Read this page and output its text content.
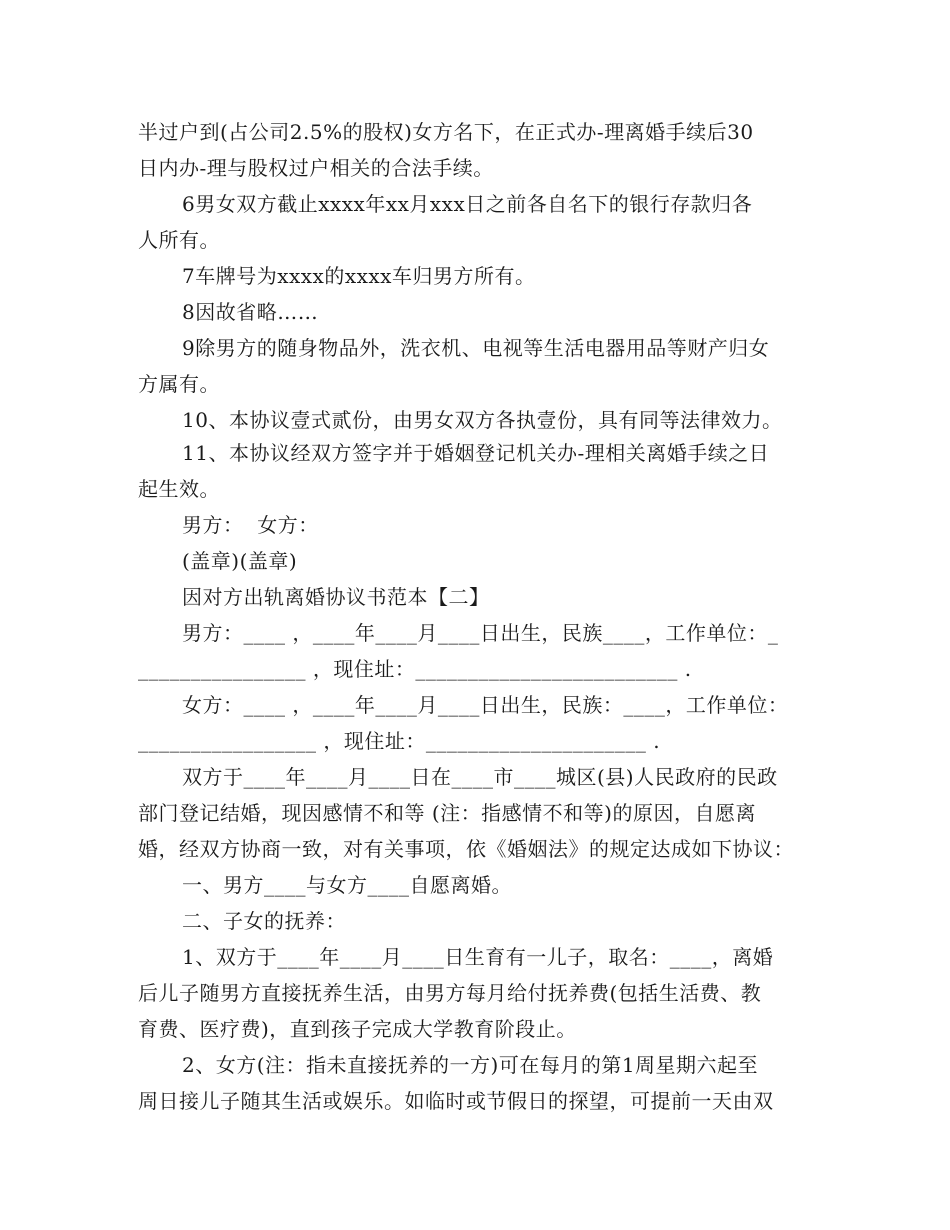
半过户到(占公司2.5%的股权)女方名下，在正式办-理离婚手续后30
日内办-理与股权过户相关的合法手续。
6男女双方截止xxxx年xx月xxx日之前各自名下的银行存款归各
人所有。
7车牌号为xxxx的xxxx车归男方所有。
8因故省略……
9除男方的随身物品外，洗衣机、电视等生活电器用品等财产归女
方属有。
10、本协议壹式贰份，由男女双方各执壹份，具有同等法律效力。
11、本协议经双方签字并于婚姻登记机关办-理相关离婚手续之日
起生效。
男方：  女方：
(盖章)(盖章)
因对方出轨离婚协议书范本【二】
男方：____ ，____年____月____日出生，民族____，工作单位：_
________________ ，现住址：_________________________ .
女方：____ ，____年____月____日出生，民族：____，工作单位：
_________________ ，现住址：_____________________ .
双方于____年____月____日在____市____城区(县)人民政府的民政
部门登记结婚，现因感情不和等 (注：指感情不和等)的原因，自愿离
婚，经双方协商一致，对有关事项，依《婚姻法》的规定达成如下协议：
一、男方____与女方____自愿离婚。
二、子女的抚养：
1、双方于____年____月____日生育有一儿子，取名：____，离婚
后儿子随男方直接抚养生活，由男方每月给付抚养费(包括生活费、教
育费、医疗费)，直到孩子完成大学教育阶段止。
2、女方(注：指未直接抚养的一方)可在每月的第1周星期六起至
周日接儿子随其生活或娱乐。如临时或节假日的探望，可提前一天由双
